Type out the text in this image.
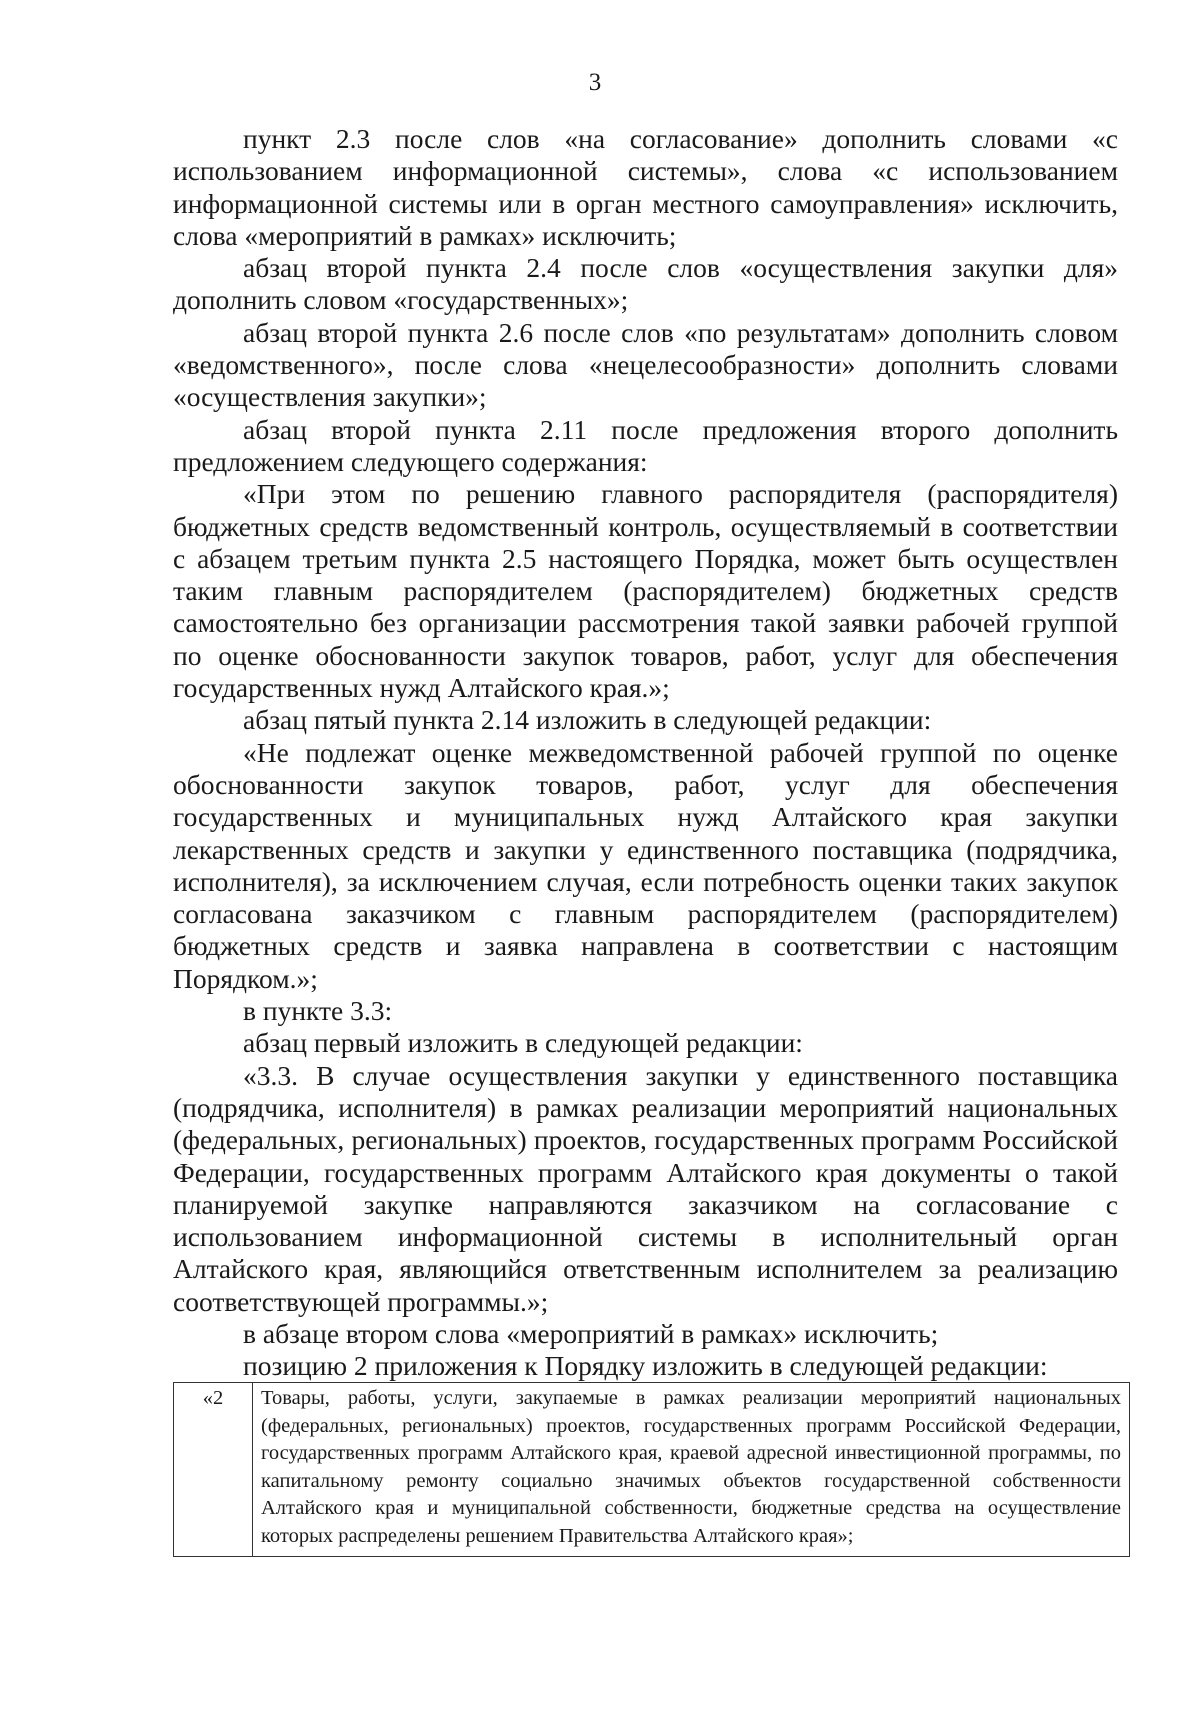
3

пункт 2.3 после слов «на согласование» дополнить словами «с использованием информационной системы», слова «с использованием информационной системы или в орган местного самоуправления» исключить, слова «мероприятий в рамках» исключить;

абзац второй пункта 2.4 после слов «осуществления закупки для» дополнить словом «государственных»;

абзац второй пункта 2.6 после слов «по результатам» дополнить словом «ведомственного», после слова «нецелесообразности» дополнить словами «осуществления закупки»;

абзац второй пункта 2.11 после предложения второго дополнить предложением следующего содержания:

«При этом по решению главного распорядителя (распорядителя) бюджетных средств ведомственный контроль, осуществляемый в соответствии с абзацем третьим пункта 2.5 настоящего Порядка, может быть осуществлен таким главным распорядителем (распорядителем) бюджетных средств самостоятельно без организации рассмотрения такой заявки рабочей группой по оценке обоснованности закупок товаров, работ, услуг для обеспечения государственных нужд Алтайского края.»;

абзац пятый пункта 2.14 изложить в следующей редакции:

«Не подлежат оценке межведомственной рабочей группой по оценке обоснованности закупок товаров, работ, услуг для обеспечения государственных и муниципальных нужд Алтайского края закупки лекарственных средств и закупки у единственного поставщика (подрядчика, исполнителя), за исключением случая, если потребность оценки таких закупок согласована заказчиком с главным распорядителем (распорядителем) бюджетных средств и заявка направлена в соответствии с настоящим Порядком.»;

в пункте 3.3:

абзац первый изложить в следующей редакции:

«3.3. В случае осуществления закупки у единственного поставщика (подрядчика, исполнителя) в рамках реализации мероприятий национальных (федеральных, региональных) проектов, государственных программ Российской Федерации, государственных программ Алтайского края документы о такой планируемой закупке направляются заказчиком на согласование с использованием информационной системы в исполнительный орган Алтайского края, являющийся ответственным исполнителем за реализацию соответствующей программы.»;

в абзаце втором слова «мероприятий в рамках» исключить;

позицию 2 приложения к Порядку изложить в следующей редакции:

«2	Товары, работы, услуги, закупаемые в рамках реализации мероприятий национальных (федеральных, региональных) проектов, государственных программ Российской Федерации, государственных программ Алтайского края, краевой адресной инвестиционной программы, по капитальному ремонту социально значимых объектов государственной собственности Алтайского края и муниципальной собственности, бюджетные средства на осуществление которых распределены решением Правительства Алтайского края»;
